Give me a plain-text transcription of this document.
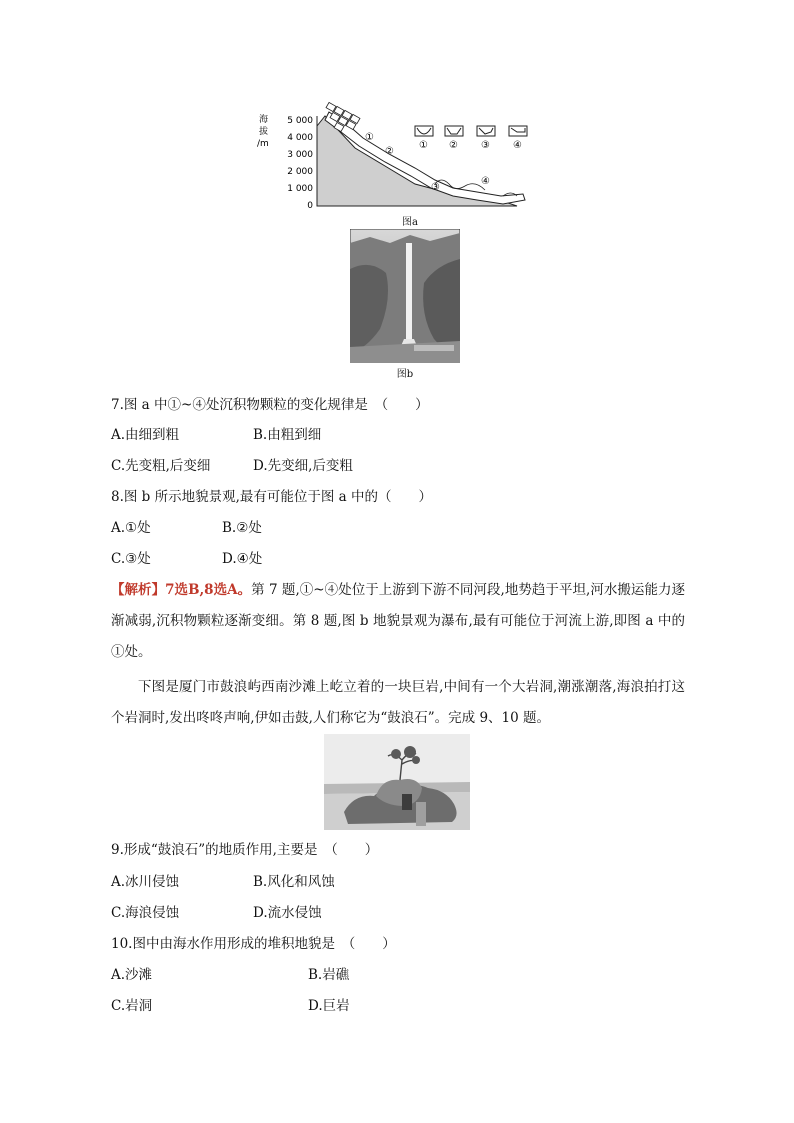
海
拔
/m
5 000
4 000
3 000
2 000
1 000
0
①
②
③
④
① ② ③ ④
图a
图b
7.图 a 中①~④处沉积物颗粒的变化规律是　（　　）
A.由细到粗	B.由粗到细
C.先变粗,后变细	D.先变细,后变粗
8.图 b 所示地貌景观,最有可能位于图 a 中的（　　）
A.①处	B.②处
C.③处	D.④处
【解析】7选B,8选A。第 7 题,①~④处位于上游到下游不同河段,地势趋于平坦,河水搬运能力逐渐减弱,沉积物颗粒逐渐变细。第 8 题,图 b 地貌景观为瀑布,最有可能位于河流上游,即图 a 中的①处。
下图是厦门市鼓浪屿西南沙滩上屹立着的一块巨岩,中间有一个大岩洞,潮涨潮落,海浪拍打这个岩洞时,发出咚咚声响,伊如击鼓,人们称它为“鼓浪石”。完成 9、10 题。
9.形成“鼓浪石”的地质作用,主要是　（　　）
A.冰川侵蚀	B.风化和风蚀
C.海浪侵蚀	D.流水侵蚀
10.图中由海水作用形成的堆积地貌是　（　　）
A.沙滩	B.岩礁
C.岩洞	D.巨岩
